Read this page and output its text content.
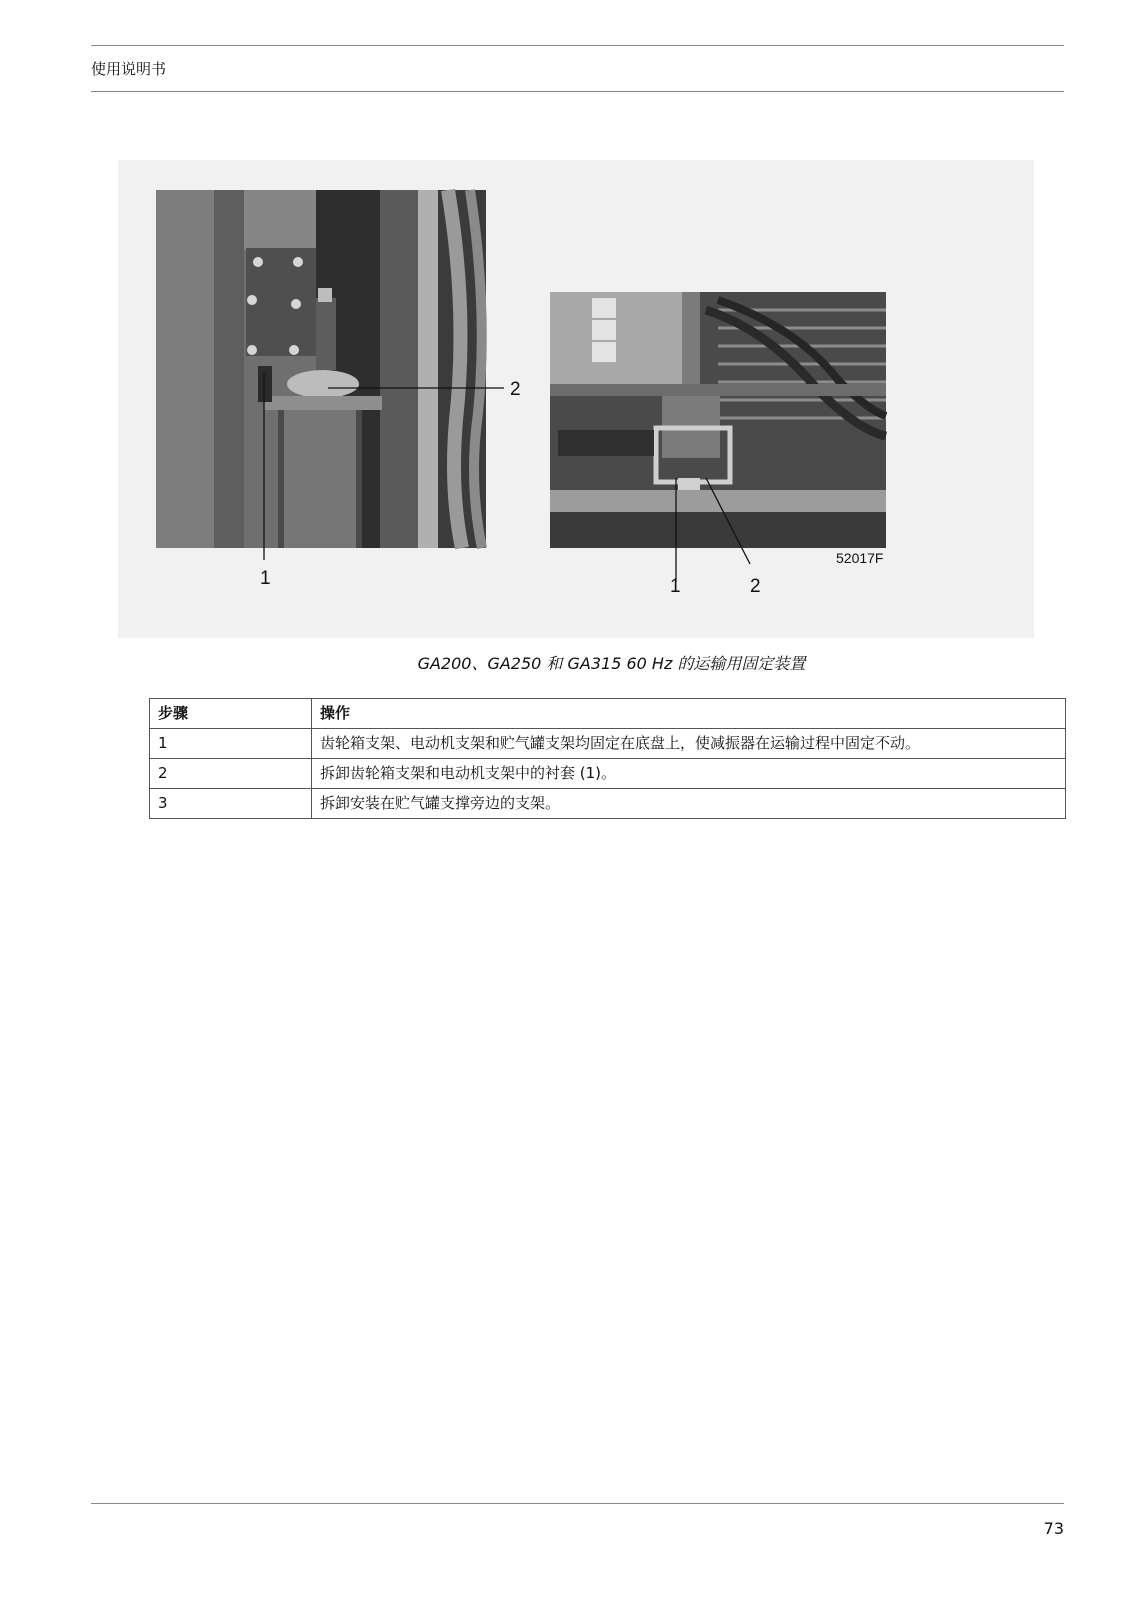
使用说明书
2
1	1	2
52017F
GA200、GA250 和 GA315 60 Hz 的运输用固定装置
步骤	操作
1	齿轮箱支架、电动机支架和贮气罐支架均固定在底盘上，使减振器在运输过程中固定不动。
2	拆卸齿轮箱支架和电动机支架中的衬套 (1)。
3	拆卸安装在贮气罐支撑旁边的支架。
73
